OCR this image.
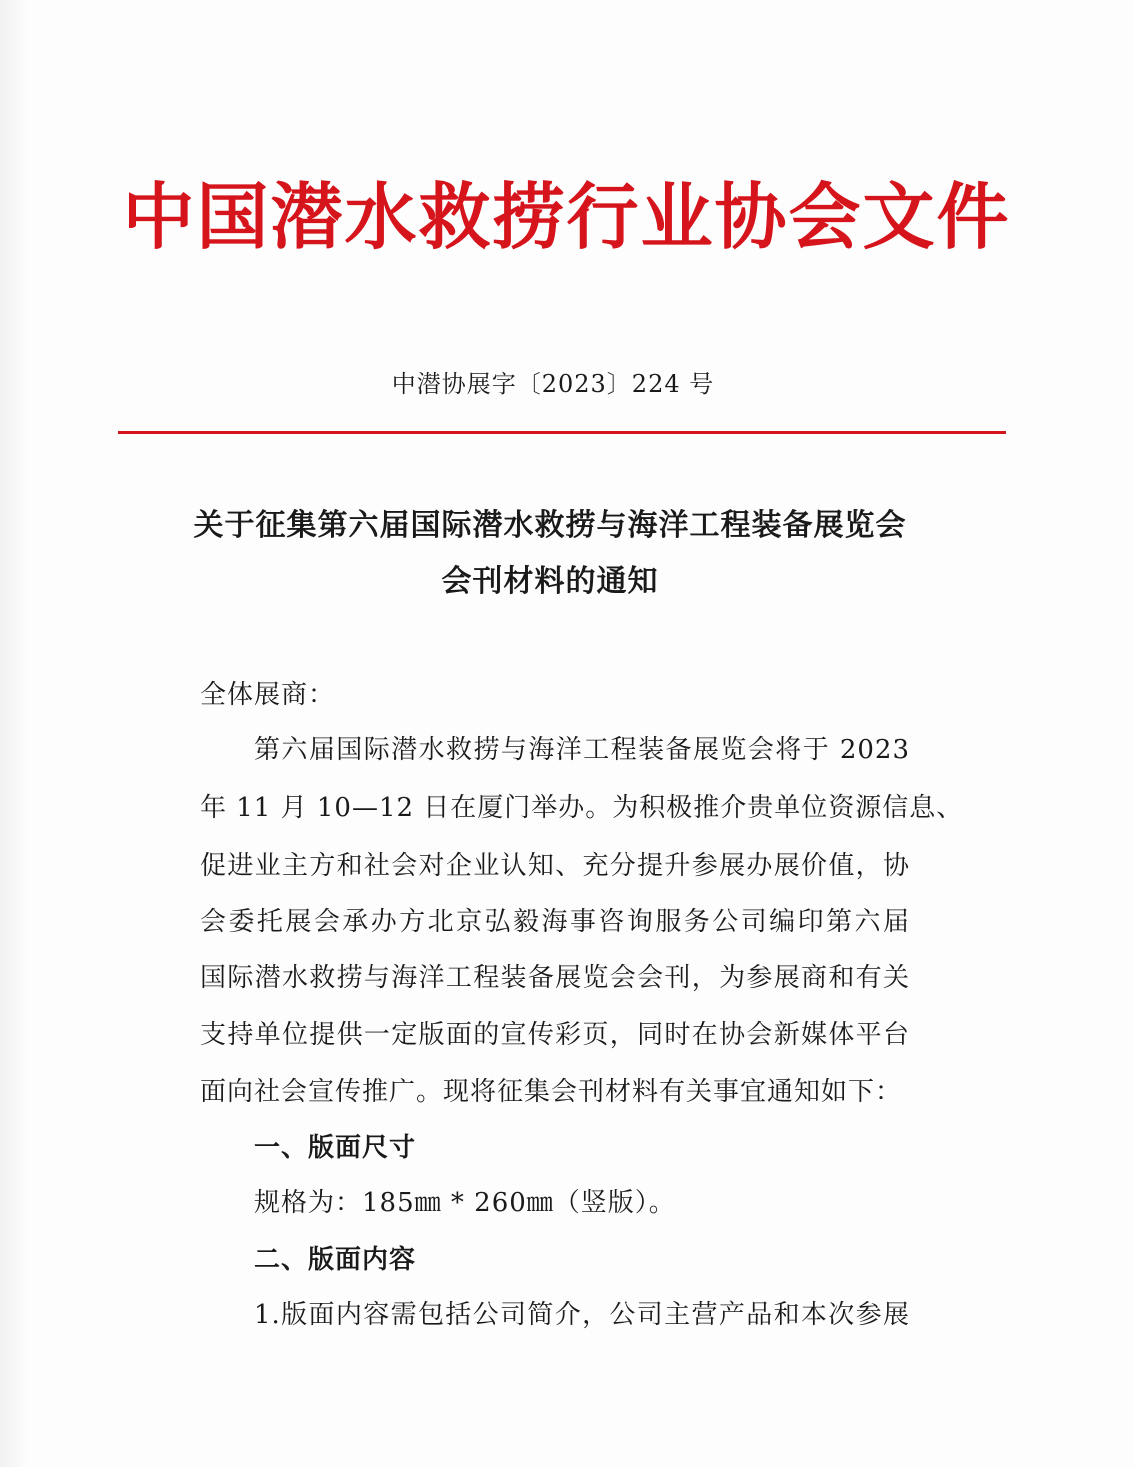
中国潜水救捞行业协会文件
中潜协展字〔2023〕224 号
关于征集第六届国际潜水救捞与海洋工程装备展览会
会刊材料的通知
全体展商：
第六届国际潜水救捞与海洋工程装备展览会将于 2023
年 11 月 10—12 日在厦门举办。为积极推介贵单位资源信息、
促进业主方和社会对企业认知、充分提升参展办展价值，协
会委托展会承办方北京弘毅海事咨询服务公司编印第六届
国际潜水救捞与海洋工程装备展览会会刊，为参展商和有关
支持单位提供一定版面的宣传彩页，同时在协会新媒体平台
面向社会宣传推广。现将征集会刊材料有关事宜通知如下：
一、版面尺寸
规格为：185㎜ * 260㎜（竖版）。
二、版面内容
1.版面内容需包括公司简介，公司主营产品和本次参展
